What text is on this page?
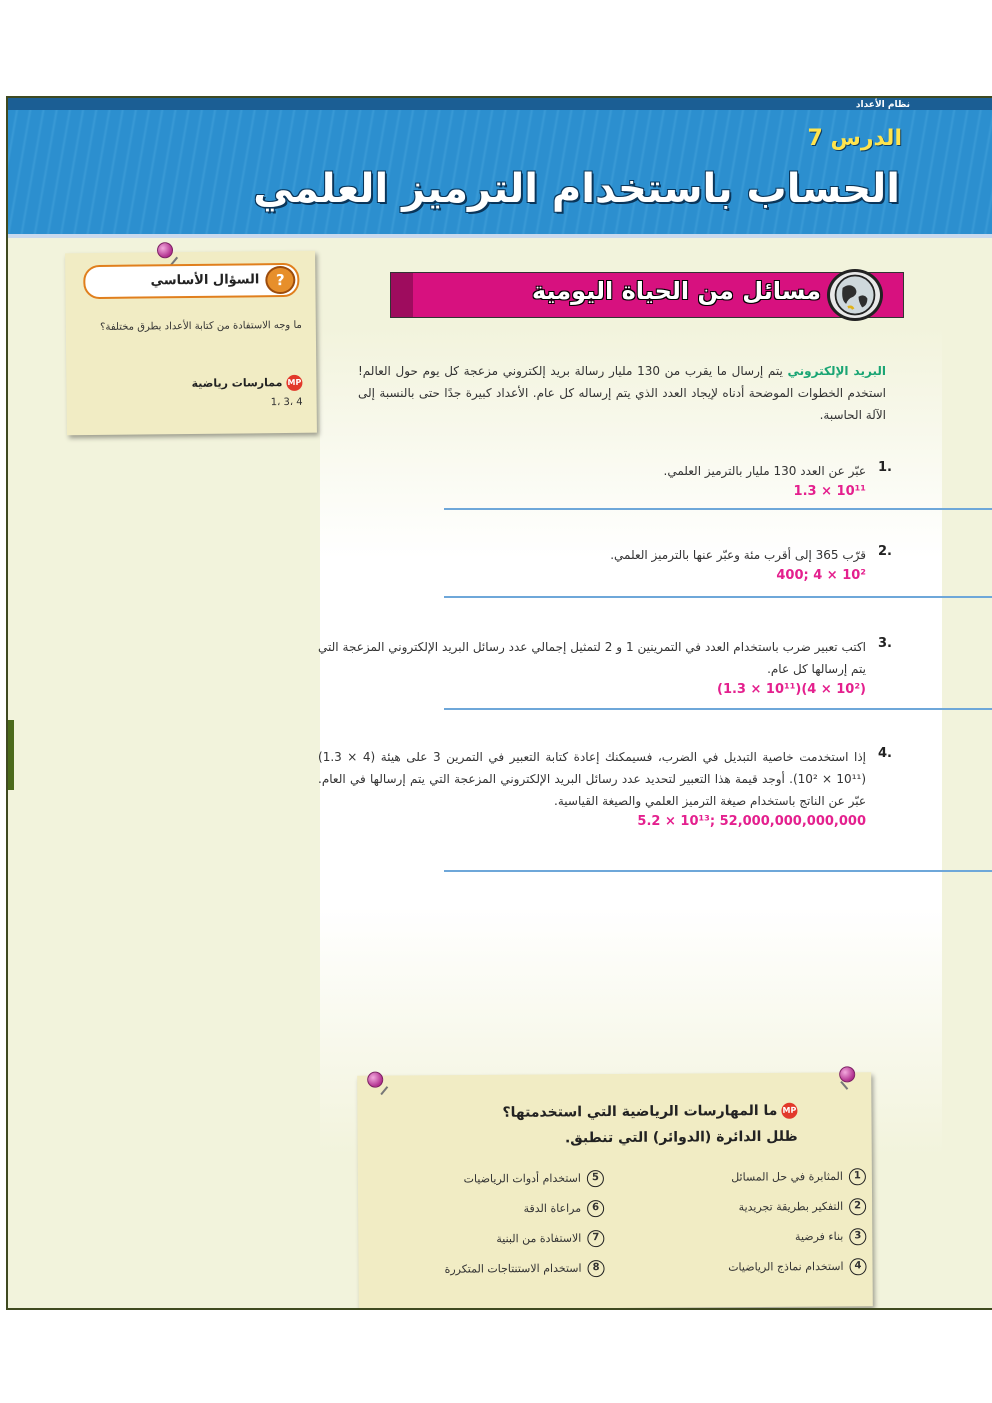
نظام الأعداد
الدرس 7
الحساب باستخدام الترميز العلمي
?
السؤال الأساسي
ما وجه الاستفادة من كتابة الأعداد بطرق مختلفة؟
MPممارسات رياضية
1، 3، 4
مسائل من الحياة اليومية
البريد الإلكتروني يتم إرسال ما يقرب من 130 مليار رسالة بريد إلكتروني مزعجة كل يوم حول العالم! استخدم الخطوات الموضحة أدناه لإيجاد العدد الذي يتم إرساله كل عام. الأعداد كبيرة جدًا حتى بالنسبة إلى الآلة الحاسبة.
1.
عبّر عن العدد 130 مليار بالترميز العلمي.
1.3 × 10¹¹
2.
قرّب 365 إلى أقرب مئة وعبّر عنها بالترميز العلمي.
400; 4 × 10²
3.
اكتب تعبير ضرب باستخدام العدد في التمرينين 1 و 2 لتمثيل إجمالي عدد رسائل البريد الإلكتروني المزعجة التي يتم إرسالها كل عام.
(1.3 × 10¹¹)(4 × 10²)
4.
إذا استخدمت خاصية التبديل في الضرب، فسيمكنك إعادة كتابة التعبير في التمرين 3 على هيئة (4 × 1.3)(10¹¹ × 10²). أوجد قيمة هذا التعبير لتحديد عدد رسائل البريد الإلكتروني المزعجة التي يتم إرسالها في العام. عبّر عن الناتج باستخدام صيغة الترميز العلمي والصيغة القياسية.
5.2 × 10¹³; 52,000,000,000,000
MPما المهارسات الرياضية التي استخدمتها؟
ظلل الدائرة (الدوائر) التي تنطبق.
1المثابرة في حل المسائل
2التفكير بطريقة تجريدية
3بناء فرضية
4استخدام نماذج الرياضيات
5استخدام أدوات الرياضيات
6مراعاة الدقة
7الاستفادة من البنية
8استخدام الاستنتاجات المتكررة
